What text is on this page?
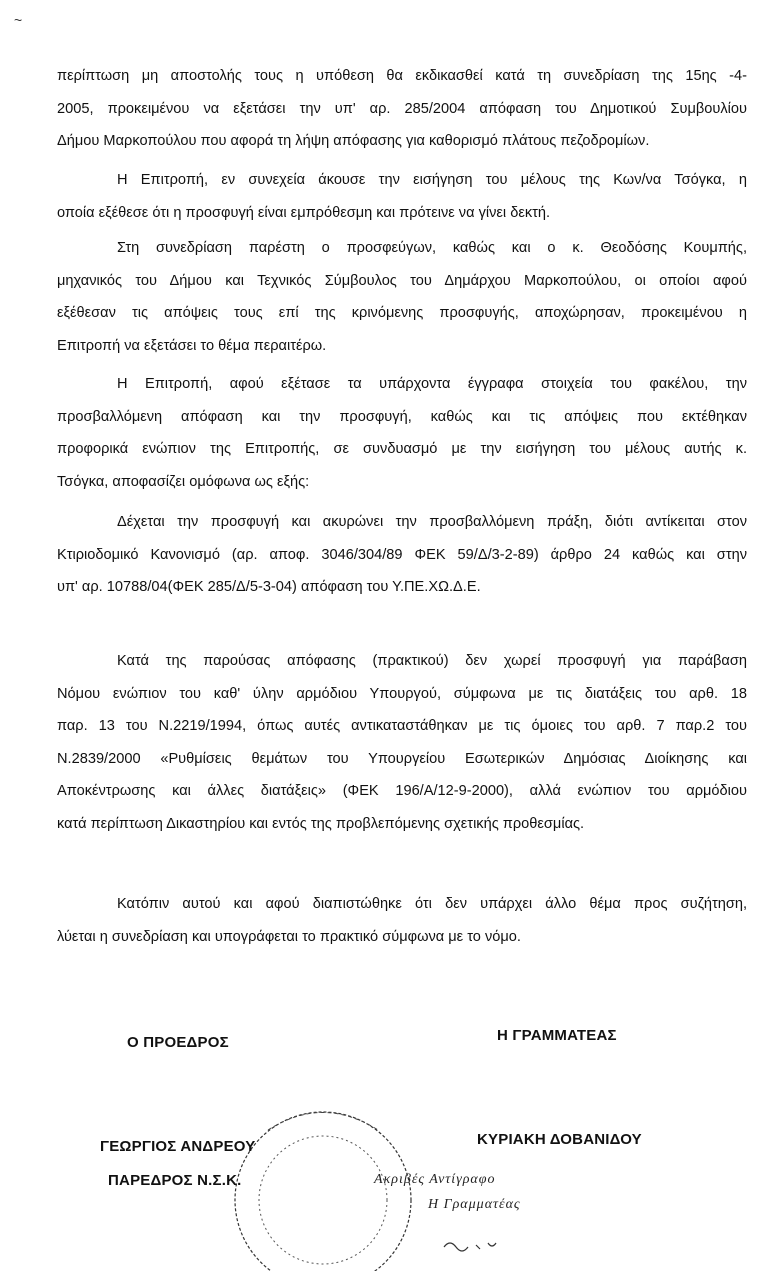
~
περίπτωση μη αποστολής τους η υπόθεση θα εκδικασθεί κατά τη συνεδρίαση της 15ης -4-
2005, προκειμένου να εξετάσει την υπ' αρ. 285/2004 απόφαση του Δημοτικού Συμβουλίου
Δήμου Μαρκοπούλου που αφορά τη λήψη απόφασης για καθορισμό πλάτους πεζοδρομίων.
Η Επιτροπή, εν συνεχεία άκουσε την εισήγηση του μέλους της Κων/να Τσόγκα, η
οποία εξέθεσε ότι η προσφυγή είναι εμπρόθεσμη και πρότεινε να γίνει δεκτή.
Στη συνεδρίαση παρέστη ο προσφεύγων, καθώς και ο κ. Θεοδόσης Κουμπής,
μηχανικός του Δήμου και Τεχνικός Σύμβουλος του Δημάρχου Μαρκοπούλου, οι οποίοι αφού
εξέθεσαν τις απόψεις τους επί της κρινόμενης προσφυγής, αποχώρησαν, προκειμένου η
Επιτροπή να εξετάσει το θέμα περαιτέρω.
Η Επιτροπή, αφού εξέτασε τα υπάρχοντα έγγραφα στοιχεία του φακέλου, την
προσβαλλόμενη απόφαση και την προσφυγή, καθώς και τις απόψεις που εκτέθηκαν
προφορικά ενώπιον της Επιτροπής, σε συνδυασμό με την εισήγηση του μέλους αυτής κ.
Τσόγκα, αποφασίζει ομόφωνα ως εξής:
Δέχεται την προσφυγή και ακυρώνει την προσβαλλόμενη πράξη, διότι αντίκειται στον
Κτιριοδομικό Κανονισμό (αρ. αποφ. 3046/304/89 ΦΕΚ 59/Δ/3-2-89) άρθρο 24 καθώς και στην
υπ' αρ. 10788/04(ΦΕΚ 285/Δ/5-3-04) απόφαση του Υ.ΠΕ.ΧΩ.Δ.Ε.
Κατά της παρούσας απόφασης (πρακτικού) δεν χωρεί προσφυγή για παράβαση
Νόμου ενώπιον του καθ' ύλην αρμόδιου Υπουργού, σύμφωνα με τις διατάξεις του αρθ. 18
παρ. 13 του Ν.2219/1994, όπως αυτές αντικαταστάθηκαν με τις όμοιες του αρθ. 7 παρ.2 του
Ν.2839/2000 «Ρυθμίσεις θεμάτων του Υπουργείου Εσωτερικών Δημόσιας Διοίκησης και
Αποκέντρωσης και άλλες διατάξεις» (ΦΕΚ 196/Α/12-9-2000), αλλά ενώπιον του αρμόδιου
κατά περίπτωση Δικαστηρίου και εντός της προβλεπόμενης σχετικής προθεσμίας.
Κατόπιν αυτού και αφού διαπιστώθηκε ότι δεν υπάρχει άλλο θέμα προς συζήτηση,
λύεται η συνεδρίαση και υπογράφεται το πρακτικό σύμφωνα με το νόμο.
Ο ΠΡΟΕΔΡΟΣ	Η ΓΡΑΜΜΑΤΕΑΣ
ΓΕΩΡΓΙΟΣ ΑΝΔΡΕΟΥ
ΠΑΡΕΔΡΟΣ Ν.Σ.Κ.
ΚΥΡΙΑΚΗ ΔΟΒΑΝΙΔΟΥ
Ακριβές Αντίγραφο
Η Γραμματέας
